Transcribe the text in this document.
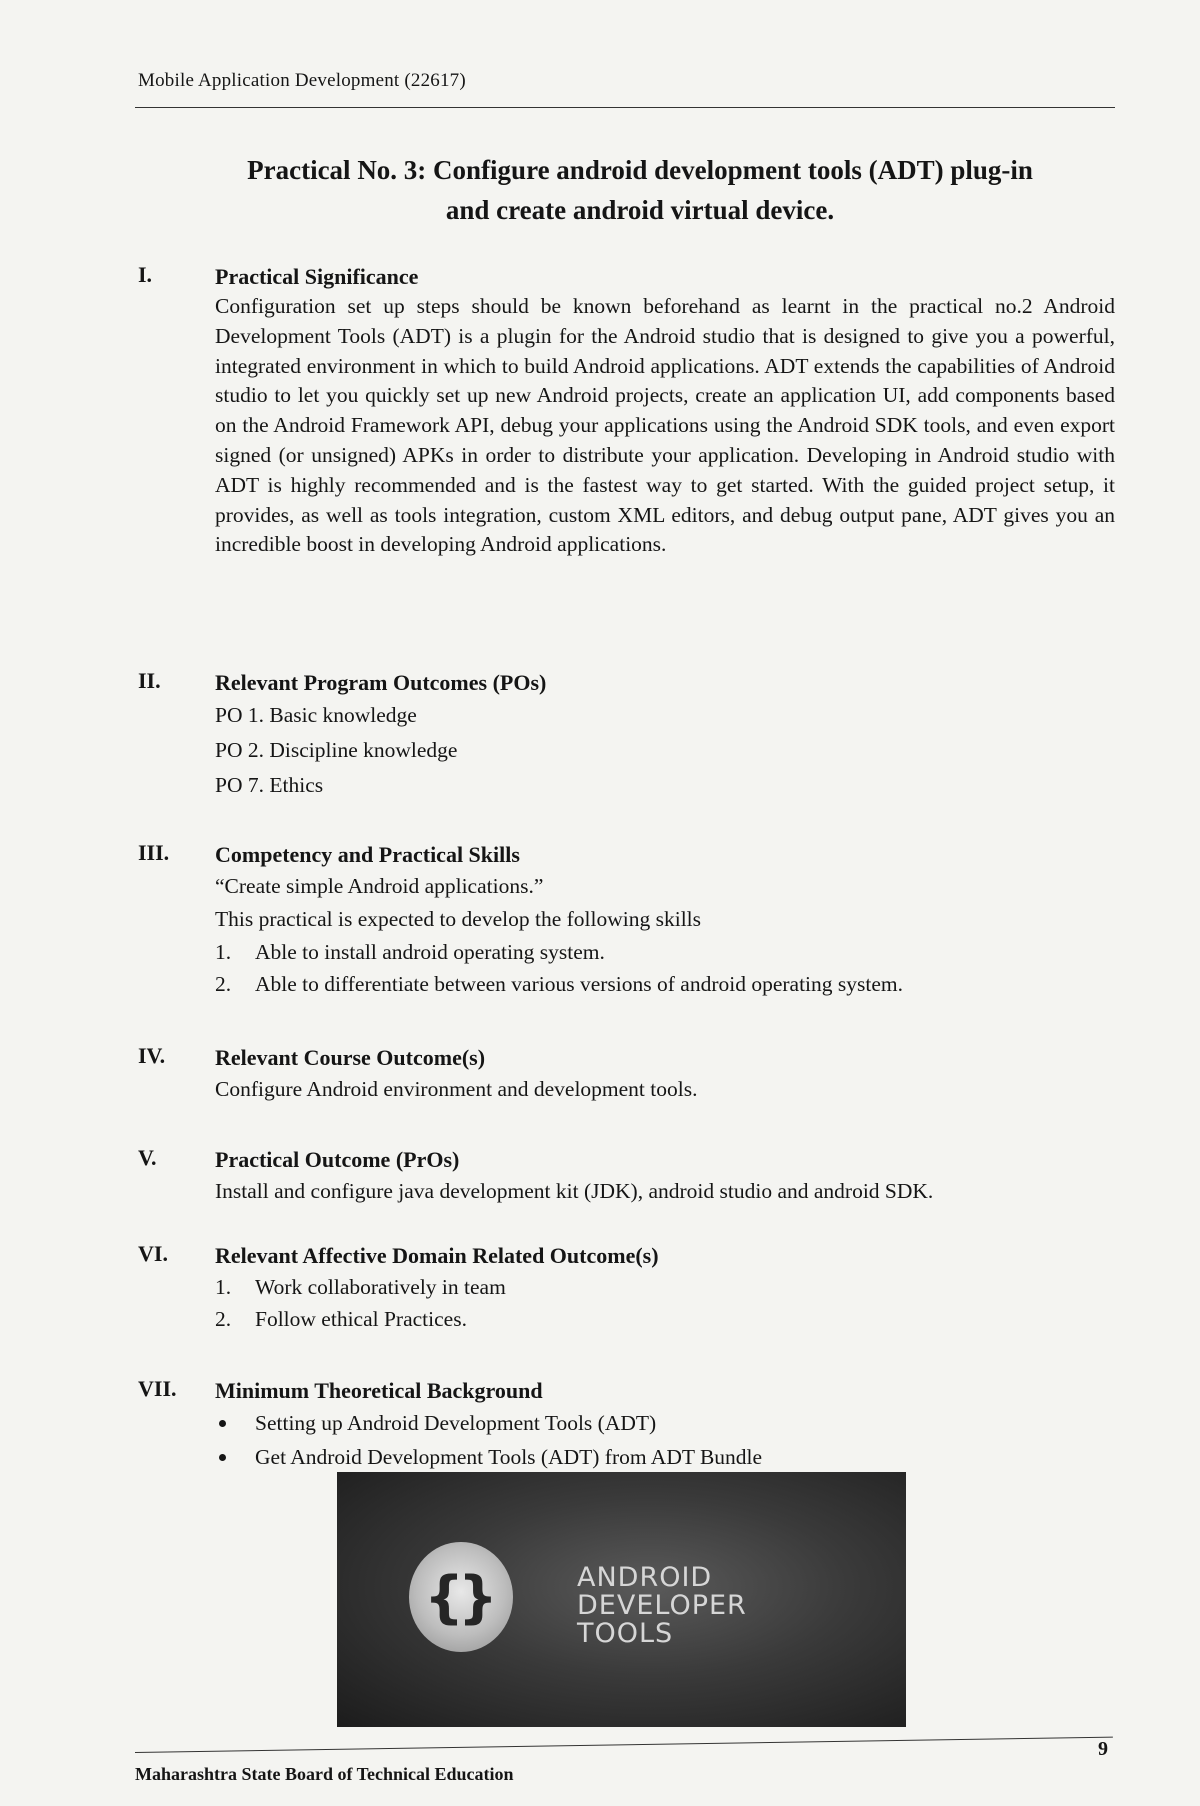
Mobile Application Development (22617)
Practical No. 3: Configure android development tools (ADT) plug-in
and create android virtual device.
I.	Practical Significance

Configuration set up steps should be known beforehand as learnt in the practical no.2 Android Development Tools (ADT) is a plugin for the Android studio that is designed to give you a powerful, integrated environment in which to build Android applications. ADT extends the capabilities of Android studio to let you quickly set up new Android projects, create an application UI, add components based on the Android Framework API, debug your applications using the Android SDK tools, and even export signed (or unsigned) APKs in order to distribute your application. Developing in Android studio with ADT is highly recommended and is the fastest way to get started. With the guided project setup, it provides, as well as tools integration, custom XML editors, and debug output pane, ADT gives you an incredible boost in developing Android applications.

II. Relevant Program Outcomes (POs)
PO 1. Basic knowledge
PO 2. Discipline knowledge
PO 7. Ethics
III. Competency and Practical Skills
“Create simple Android applications.”
This practical is expected to develop the following skills
1. Able to install android operating system.
2. Able to differentiate between various versions of android operating system.
IV. Relevant Course Outcome(s)
Configure Android environment and development tools.
V.	Practical Outcome (PrOs)
Install and configure java development kit (JDK), android studio and android SDK.
VI. Relevant Affective Domain Related Outcome(s)
1. Work collaboratively in team
2. Follow ethical Practices.
VII. Minimum Theoretical Background
Setting up Android Development Tools (ADT)
Get Android Development Tools (ADT) from ADT Bundle
{}	ANDROID
DEVELOPER
TOOLS
Maharashtra State Board of Technical Education
9
